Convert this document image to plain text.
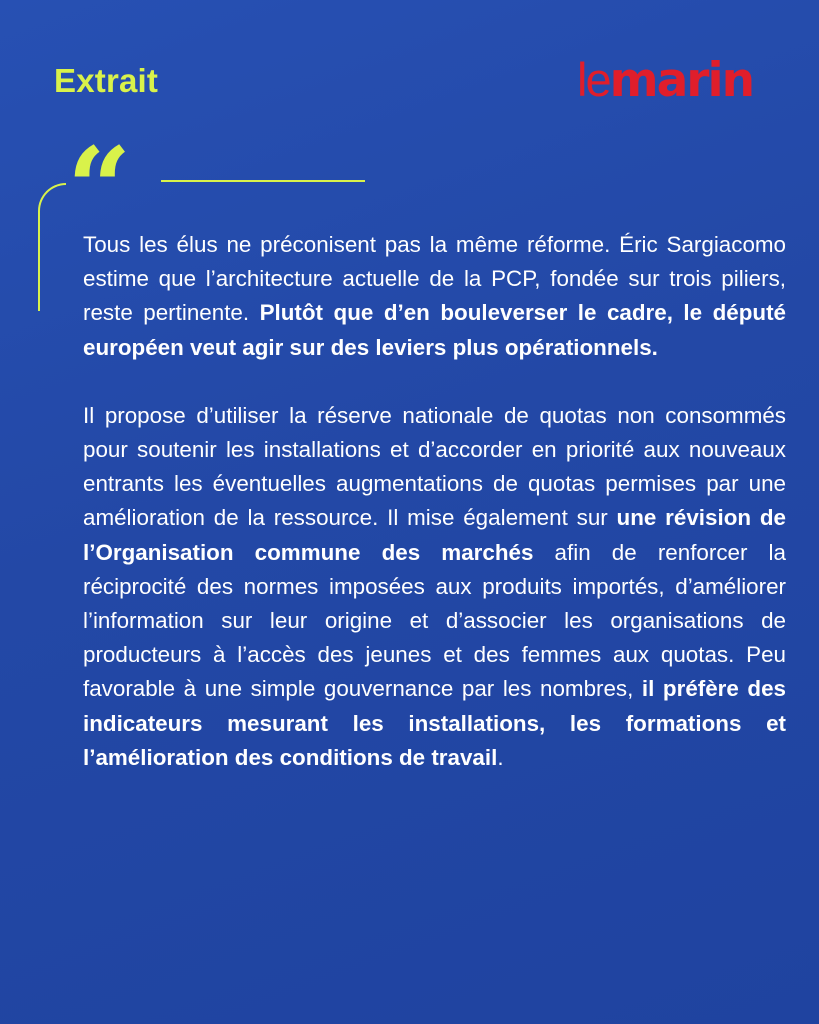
Extrait	lemarin
“

Tous les élus ne préconisent pas la même réforme. Éric Sargiacomo estime que l’architecture actuelle de la PCP, fondée sur trois piliers, reste pertinente. Plutôt que d’en bouleverser le cadre, le député européen veut agir sur des leviers plus opérationnels.

Il propose d’utiliser la réserve nationale de quotas non consommés pour soutenir les installations et d’accorder en priorité aux nouveaux entrants les éventuelles augmentations de quotas permises par une amélioration de la ressource. Il mise également sur une révision de l’Organisation commune des marchés afin de renforcer la réciprocité des normes imposées aux produits importés, d’améliorer l’information sur leur origine et d’associer les organisations de producteurs à l’accès des jeunes et des femmes aux quotas. Peu favorable à une simple gouvernance par les nombres, il préfère des indicateurs mesurant les installations, les formations et l’amélioration des conditions de travail.
